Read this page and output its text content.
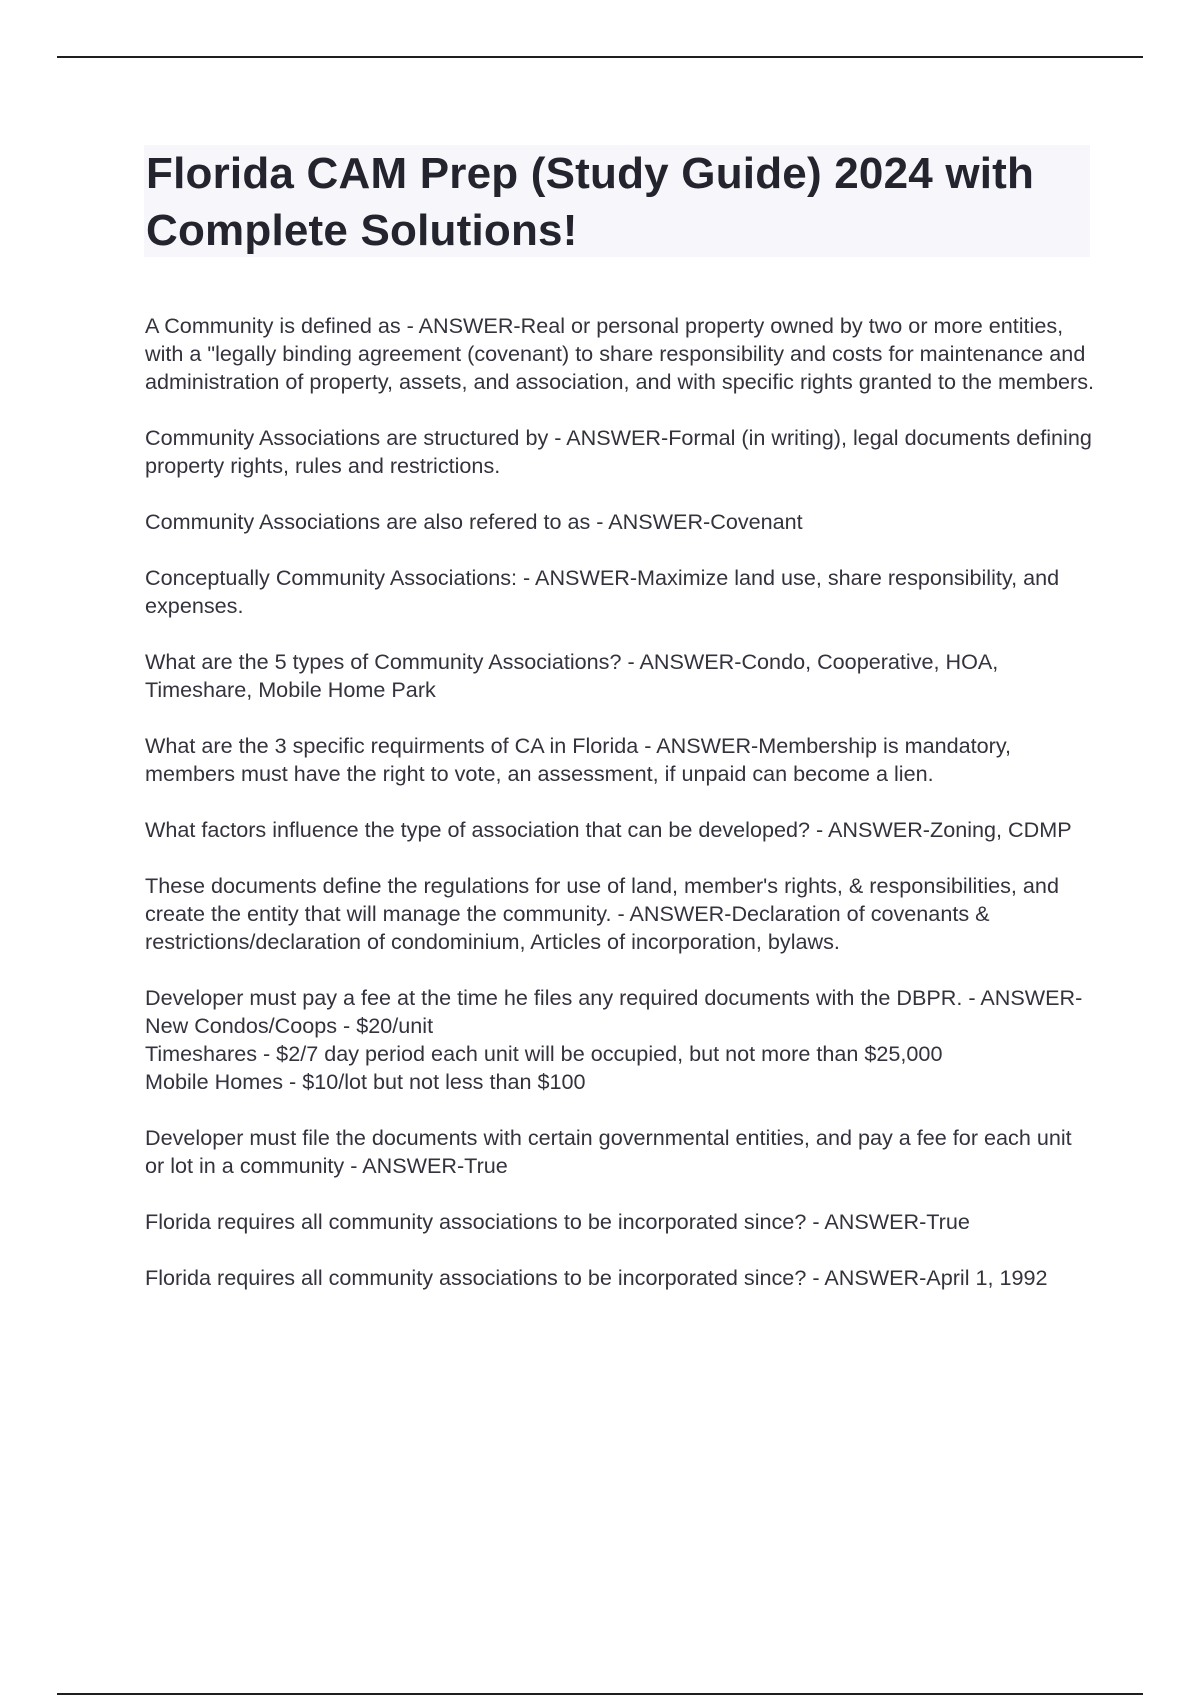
Florida CAM Prep (Study Guide) 2024 with Complete Solutions!

A Community is defined as - ANSWER-Real or personal property owned by two or more entities, with a "legally binding agreement (covenant) to share responsibility and costs for maintenance and administration of property, assets, and association, and with specific rights granted to the members.

Community Associations are structured by - ANSWER-Formal (in writing), legal documents defining property rights, rules and restrictions.

Community Associations are also refered to as - ANSWER-Covenant

Conceptually Community Associations: - ANSWER-Maximize land use, share responsibility, and expenses.

What are the 5 types of Community Associations? - ANSWER-Condo, Cooperative, HOA, Timeshare, Mobile Home Park

What are the 3 specific requirments of CA in Florida - ANSWER-Membership is mandatory, members must have the right to vote, an assessment, if unpaid can become a lien.

What factors influence the type of association that can be developed? - ANSWER-Zoning, CDMP

These documents define the regulations for use of land, member's rights, & responsibilities, and create the entity that will manage the community. - ANSWER-Declaration of covenants & restrictions/declaration of condominium, Articles of incorporation, bylaws.

Developer must pay a fee at the time he files any required documents with the DBPR. - ANSWER-New Condos/Coops - $20/unit
Timeshares - $2/7 day period each unit will be occupied, but not more than $25,000
Mobile Homes - $10/lot but not less than $100

Developer must file the documents with certain governmental entities, and pay a fee for each unit or lot in a community - ANSWER-True

Florida requires all community associations to be incorporated since? - ANSWER-True

Florida requires all community associations to be incorporated since? - ANSWER-April 1, 1992
